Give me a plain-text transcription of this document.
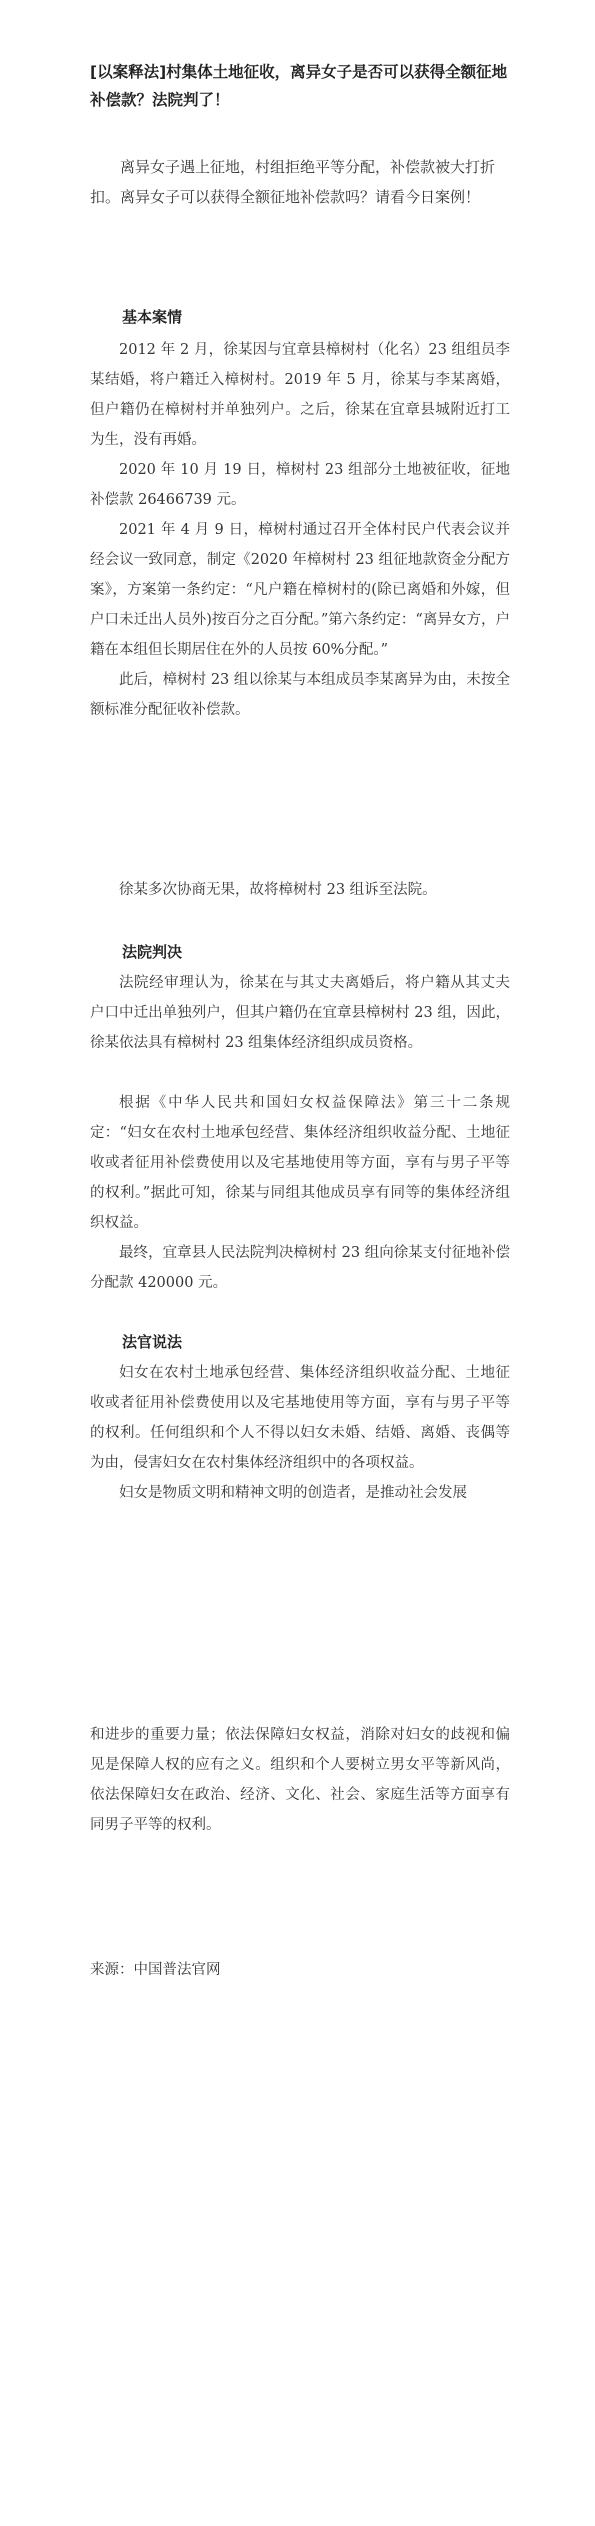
[以案释法]村集体土地征收，离异女子是否可以获得全额征地补偿款？法院判了！

离异女子遇上征地，村组拒绝平等分配，补偿款被大打折扣。离异女子可以获得全额征地补偿款吗？请看今日案例！

基本案情

2012 年 2 月，徐某因与宜章县樟树村（化名）23 组组员李某结婚，将户籍迁入樟树村。2019 年 5 月，徐某与李某离婚，但户籍仍在樟树村并单独列户。之后，徐某在宜章县城附近打工为生，没有再婚。

2020 年 10 月 19 日，樟树村 23 组部分土地被征收，征地补偿款 26466739 元。

2021 年 4 月 9 日，樟树村通过召开全体村民户代表会议并经会议一致同意，制定《2020 年樟树村 23 组征地款资金分配方案》，方案第一条约定：“凡户籍在樟树村的(除已离婚和外嫁，但户口未迁出人员外)按百分之百分配。”第六条约定：“离异女方，户籍在本组但长期居住在外的人员按 60%分配。”

此后，樟树村 23 组以徐某与本组成员李某离异为由，未按全额标准分配征收补偿款。

徐某多次协商无果，故将樟树村 23 组诉至法院。

法院判决

法院经审理认为，徐某在与其丈夫离婚后，将户籍从其丈夫户口中迁出单独列户，但其户籍仍在宜章县樟树村 23 组，因此，徐某依法具有樟树村 23 组集体经济组织成员资格。

根据《中华人民共和国妇女权益保障法》第三十二条规定：“妇女在农村土地承包经营、集体经济组织收益分配、土地征收或者征用补偿费使用以及宅基地使用等方面，享有与男子平等的权利。”据此可知，徐某与同组其他成员享有同等的集体经济组织权益。

最终，宜章县人民法院判决樟树村 23 组向徐某支付征地补偿分配款 420000 元。

法官说法

妇女在农村土地承包经营、集体经济组织收益分配、土地征收或者征用补偿费使用以及宅基地使用等方面，享有与男子平等的权利。任何组织和个人不得以妇女未婚、结婚、离婚、丧偶等为由，侵害妇女在农村集体经济组织中的各项权益。

妇女是物质文明和精神文明的创造者，是推动社会发展

和进步的重要力量；依法保障妇女权益，消除对妇女的歧视和偏见是保障人权的应有之义。组织和个人要树立男女平等新风尚，依法保障妇女在政治、经济、文化、社会、家庭生活等方面享有同男子平等的权利。

来源：中国普法官网
